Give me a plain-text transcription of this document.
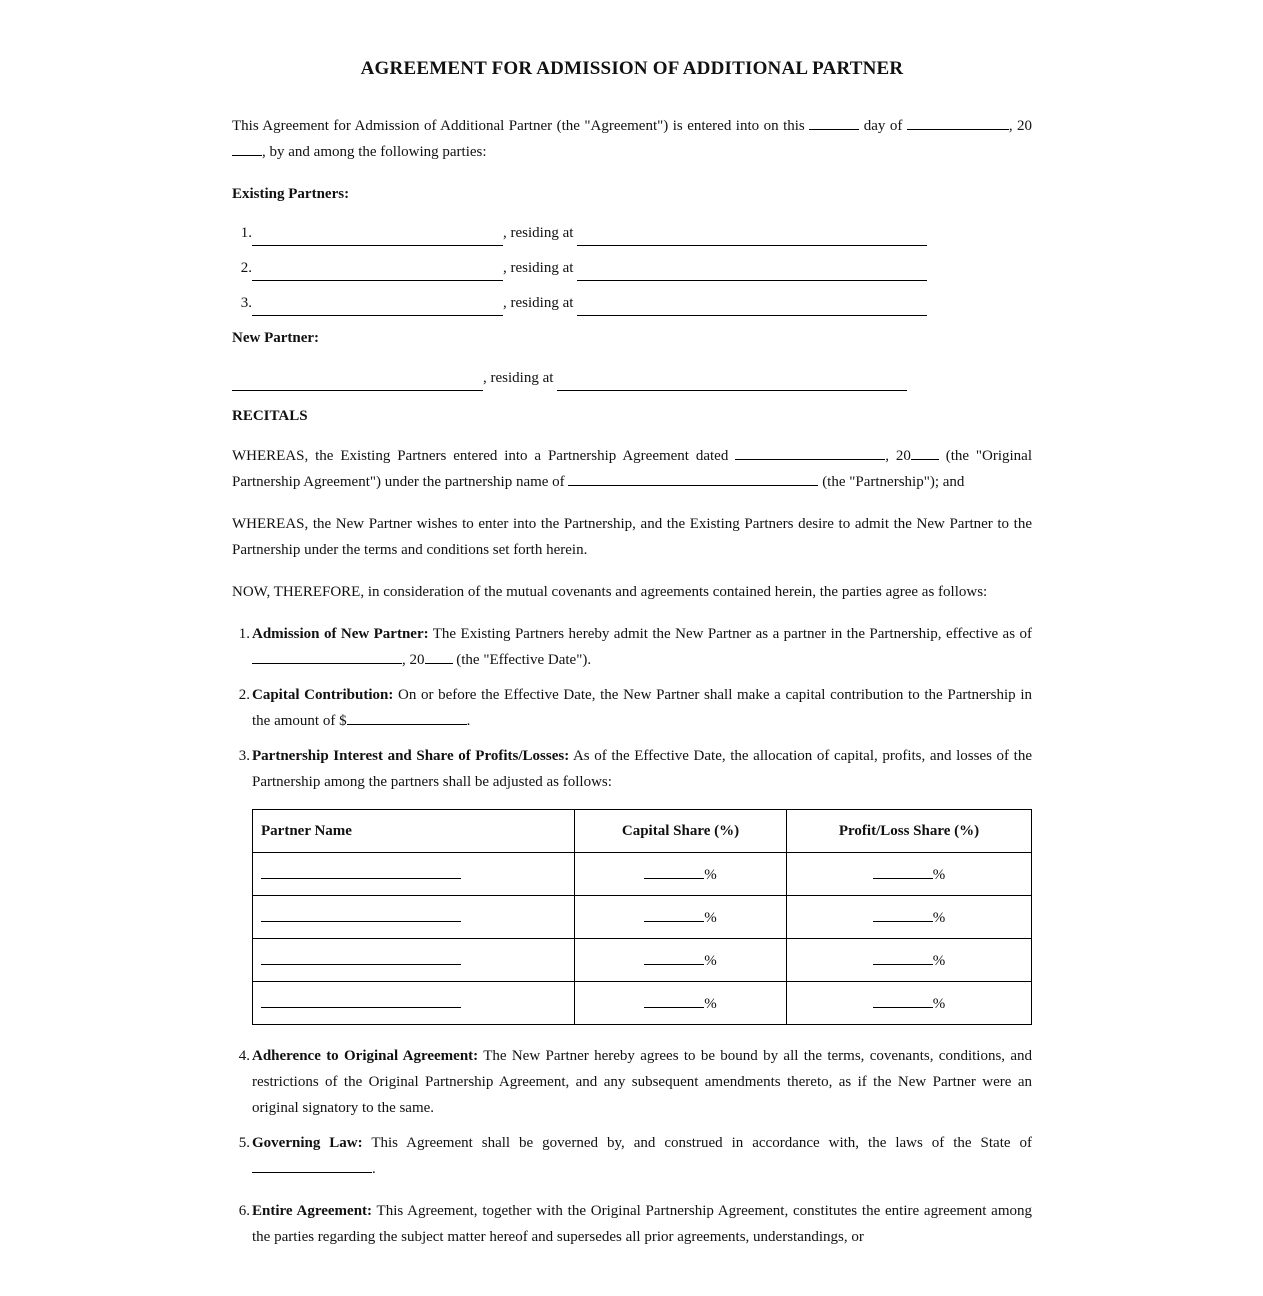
AGREEMENT FOR ADMISSION OF ADDITIONAL PARTNER

This Agreement for Admission of Additional Partner (the "Agreement") is entered into on this	day of	, 20, by and among the following parties:

Existing Partners:

1.	, residing at
2.	, residing at
3.	, residing at

New Partner:

, residing at

RECITALS

WHEREAS, the Existing Partners entered into a Partnership Agreement dated	, 20 (the "Original Partnership Agreement") under the partnership name of	(the "Partnership"); and

WHEREAS, the New Partner wishes to enter into the Partnership, and the Existing Partners desire to admit the New Partner to the Partnership under the terms and conditions set forth herein.

NOW, THEREFORE, in consideration of the mutual covenants and agreements contained herein, the parties agree as follows:

1. Admission of New Partner: The Existing Partners hereby admit the New Partner as a partner in the Partnership, effective as of , 20 (the "Effective Date").
2. Capital Contribution: On or before the Effective Date, the New Partner shall make a capital contribution to the Partnership in the amount of $	.
3. Partnership Interest and Share of Profits/Losses: As of the Effective Date, the allocation of capital, profits, and losses of the Partnership among the partners shall be adjusted as follows:
Partner Name	Capital Share (%)	Profit/Loss Share (%)
	%	%
	%	%
	%	%
	%	%
4. Adherence to Original Agreement: The New Partner hereby agrees to be bound by all the terms, covenants, conditions, and restrictions of the Original Partnership Agreement, and any subsequent amendments thereto, as if the New Partner were an original signatory to the same.
5. Governing Law: This Agreement shall be governed by, and construed in accordance with, the laws of the State of .
6. Entire Agreement: This Agreement, together with the Original Partnership Agreement, constitutes the entire agreement among the parties regarding the subject matter hereof and supersedes all prior agreements, understandings, or
